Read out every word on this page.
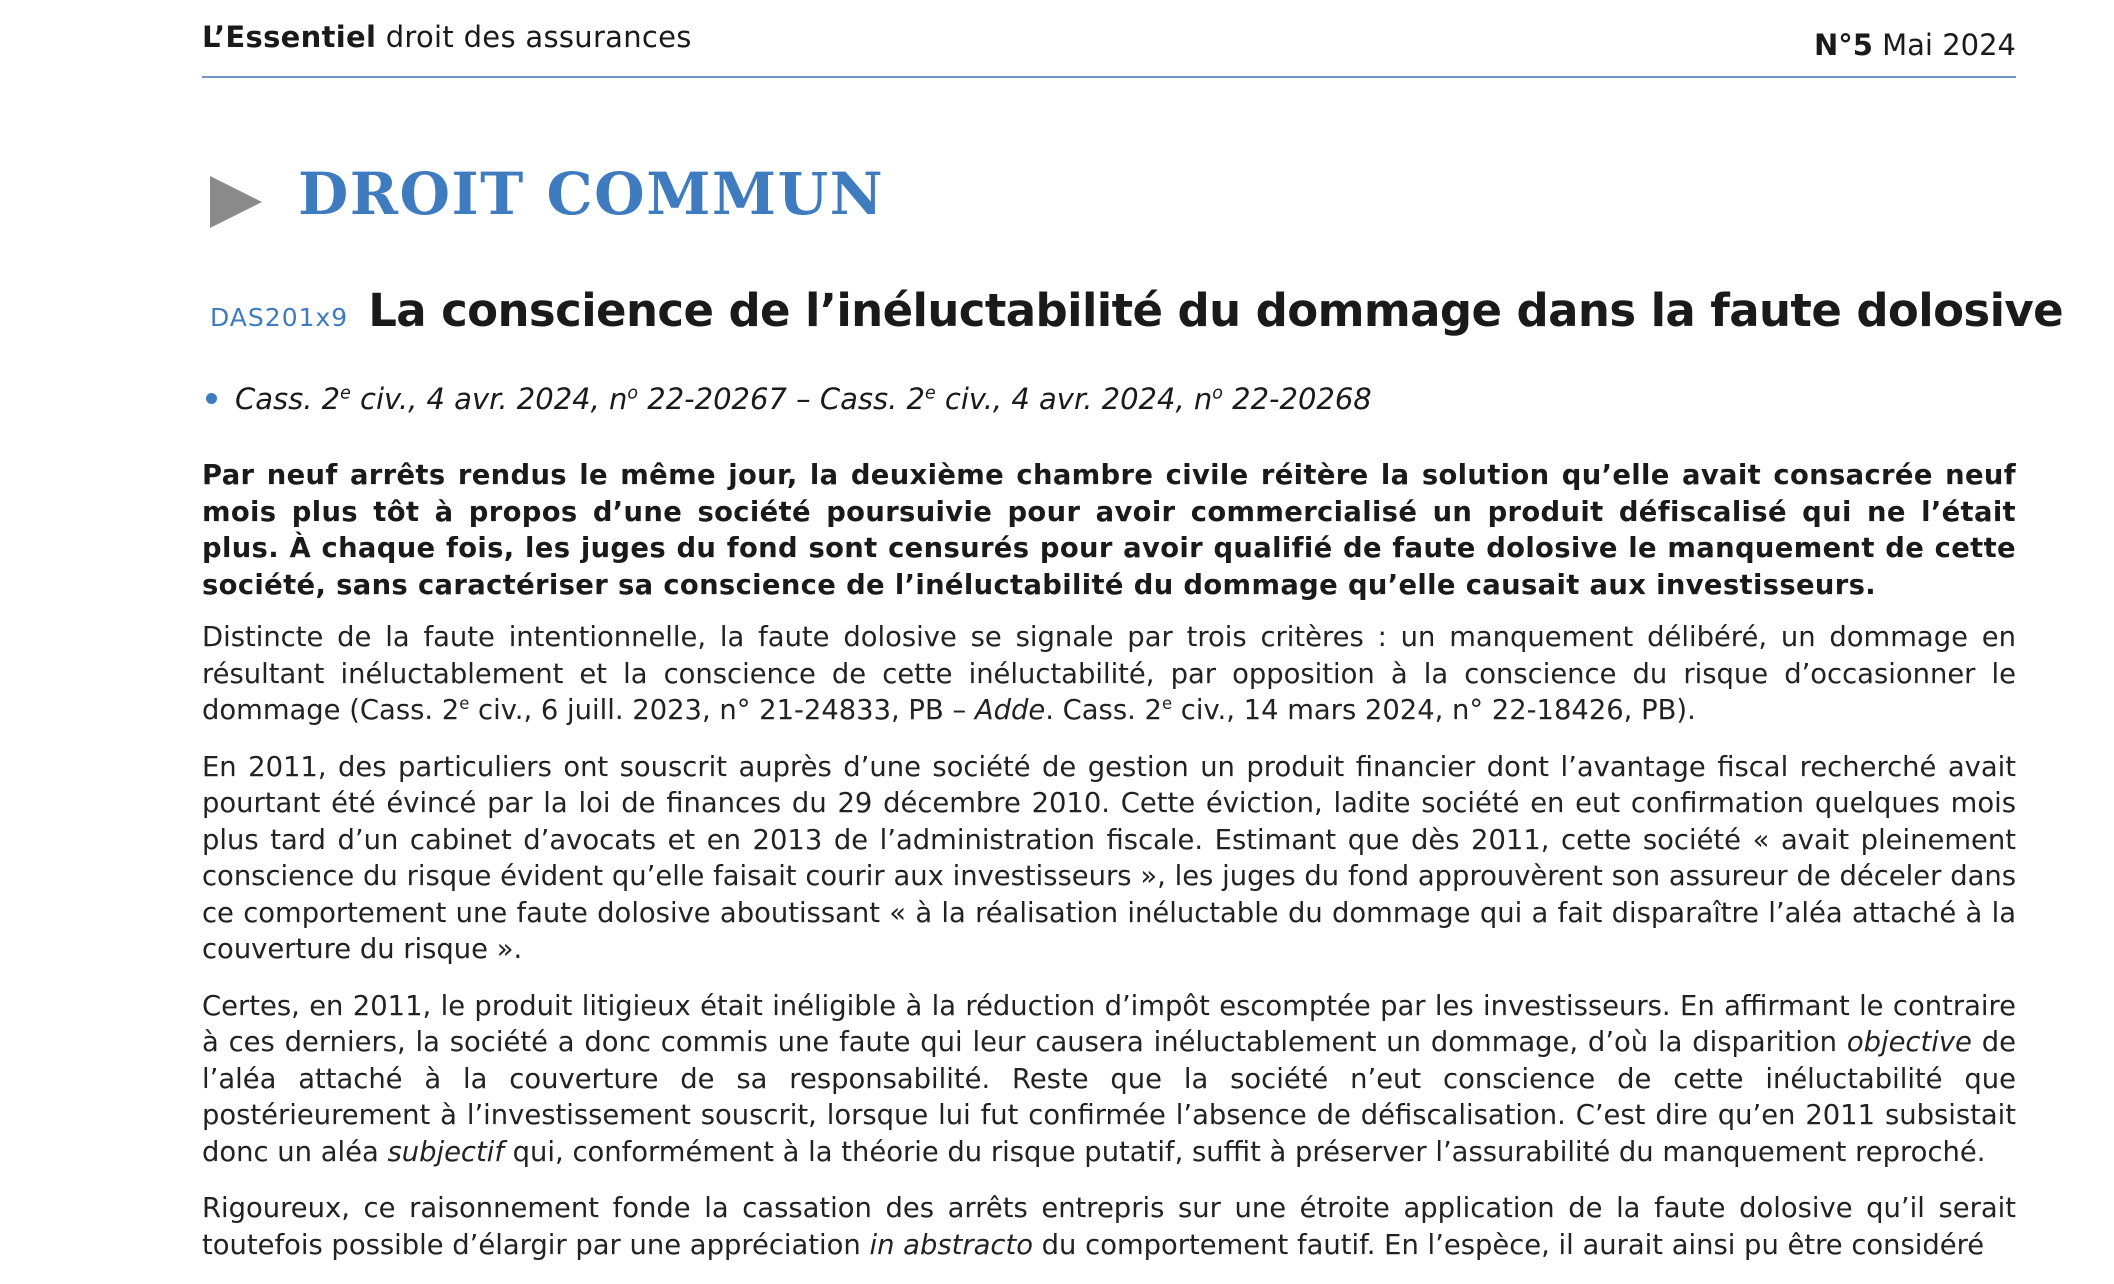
L’Essentiel droit des assurances	N°5 Mai 2024
DROIT COMMUN
DAS201x9 La conscience de l’inéluctabilité du dommage dans la faute dolosive
Cass. 2e civ., 4 avr. 2024, $n^o$ 22-20267 – Cass. 2e civ., 4 avr. 2024, $n^o$ 22-20268

Par neuf arrêts rendus le même jour, la deuxième chambre civile réitère la solution qu’elle avait consacrée neuf mois plus tôt à propos d’une société poursuivie pour avoir commercialisé un produit défiscalisé qui ne l’était plus. À chaque fois, les juges du fond sont censurés pour avoir qualifié de faute dolosive le manquement de cette société, sans caractériser sa conscience de l’inéluctabilité du dommage qu’elle causait aux investisseurs.

Distincte de la faute intentionnelle, la faute dolosive se signale par trois critères : un manquement délibéré, un dommage en résultant inéluctablement et la conscience de cette inéluctabilité, par opposition à la conscience du risque d’occasionner le dommage (Cass. 2e civ., 6 juill. 2023, n° 21-24833, PB – Adde. Cass. 2e civ., 14 mars 2024, n° 22-18426, PB).

En 2011, des particuliers ont souscrit auprès d’une société de gestion un produit financier dont l’avantage fiscal recherché avait pourtant été évincé par la loi de finances du 29 décembre 2010. Cette éviction, ladite société en eut confirmation quelques mois plus tard d’un cabinet d’avocats et en 2013 de l’administration fiscale. Estimant que dès 2011, cette société « avait pleinement conscience du risque évident qu’elle faisait courir aux investisseurs », les juges du fond approuvèrent son assureur de déceler dans ce comportement une faute dolosive aboutissant « à la réalisation inéluctable du dommage qui a fait disparaître l’aléa attaché à la couverture du risque ».

Certes, en 2011, le produit litigieux était inéligible à la réduction d’impôt escomptée par les investisseurs. En affirmant le contraire à ces derniers, la société a donc commis une faute qui leur causera inéluctablement un dommage, d’où la disparition objective de l’aléa attaché à la couverture de sa responsabilité. Reste que la société n’eut conscience de cette inéluctabilité que postérieurement à l’investissement souscrit, lorsque lui fut confirmée l’absence de défiscalisation. C’est dire qu’en 2011 subsistait donc un aléa subjectif qui, conformément à la théorie du risque putatif, suffit à préserver l’assurabilité du manquement reproché.

Rigoureux, ce raisonnement fonde la cassation des arrêts entrepris sur une étroite application de la faute dolosive qu’il serait toutefois possible d’élargir par une appréciation in abstracto du comportement fautif. En l’espèce, il aurait ainsi pu être considéré
